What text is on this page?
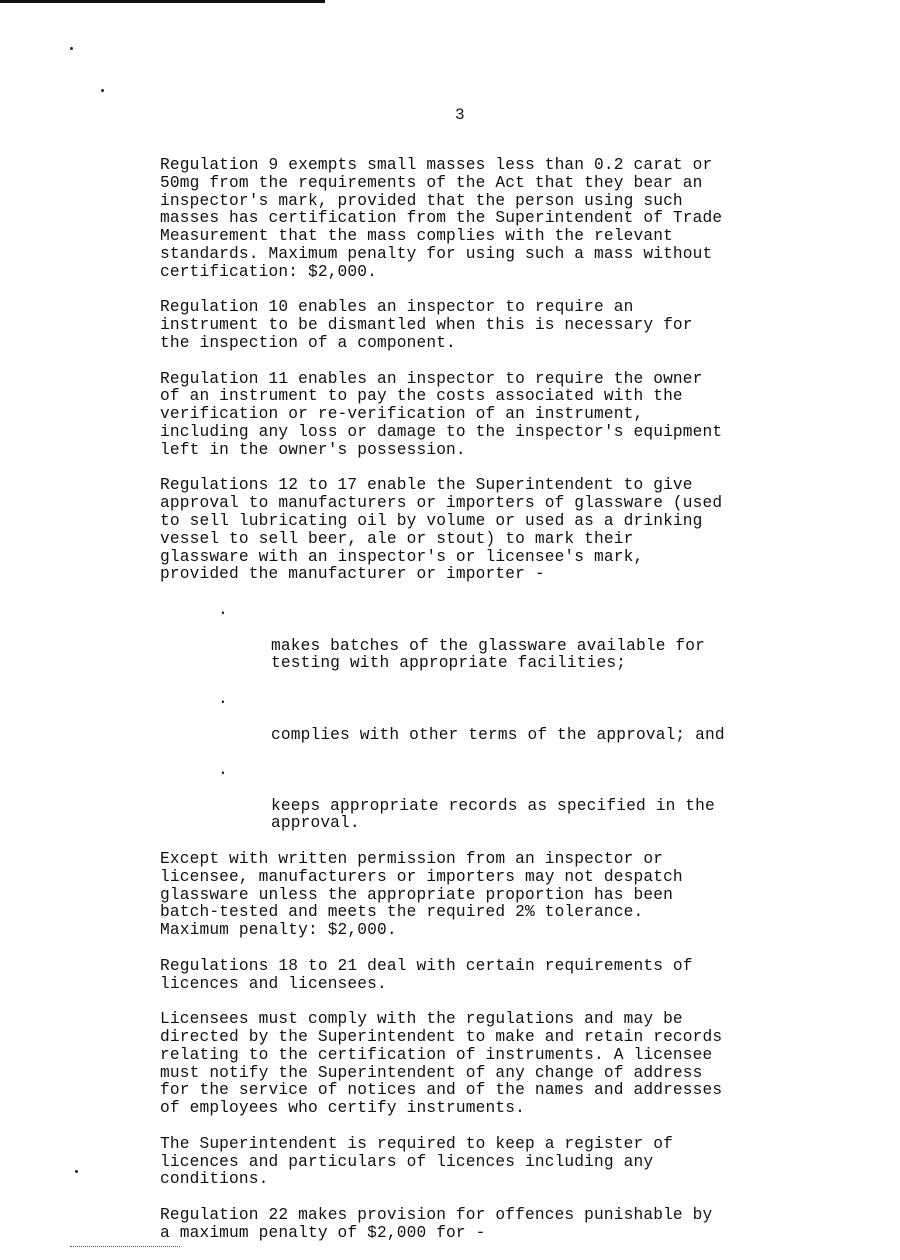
3

Regulation 9 exempts small masses less than 0.2 carat or
50mg from the requirements of the Act that they bear an
inspector's mark, provided that the person using such
masses has certification from the Superintendent of Trade
Measurement that the mass complies with the relevant
standards. Maximum penalty for using such a mass without
certification: $2,000.

Regulation 10 enables an inspector to require an
instrument to be dismantled when this is necessary for
the inspection of a component.

Regulation 11 enables an inspector to require the owner
of an instrument to pay the costs associated with the
verification or re-verification of an instrument,
including any loss or damage to the inspector's equipment
left in the owner's possession.

Regulations 12 to 17 enable the Superintendent to give
approval to manufacturers or importers of glassware (used
to sell lubricating oil by volume or used as a drinking
vessel to sell beer, ale or stout) to mark their
glassware with an inspector's or licensee's mark,
provided the manufacturer or importer -

.

makes batches of the glassware available for
testing with appropriate facilities;

.

complies with other terms of the approval; and

.

keeps appropriate records as specified in the
approval.

Except with written permission from an inspector or
licensee, manufacturers or importers may not despatch
glassware unless the appropriate proportion has been
batch-tested and meets the required 2% tolerance.
Maximum penalty: $2,000.

Regulations 18 to 21 deal with certain requirements of
licences and licensees.

Licensees must comply with the regulations and may be
directed by the Superintendent to make and retain records
relating to the certification of instruments. A licensee
must notify the Superintendent of any change of address
for the service of notices and of the names and addresses
of employees who certify instruments.

The Superintendent is required to keep a register of
licences and particulars of licences including any
conditions.

Regulation 22 makes provision for offences punishable by
a maximum penalty of $2,000 for -
